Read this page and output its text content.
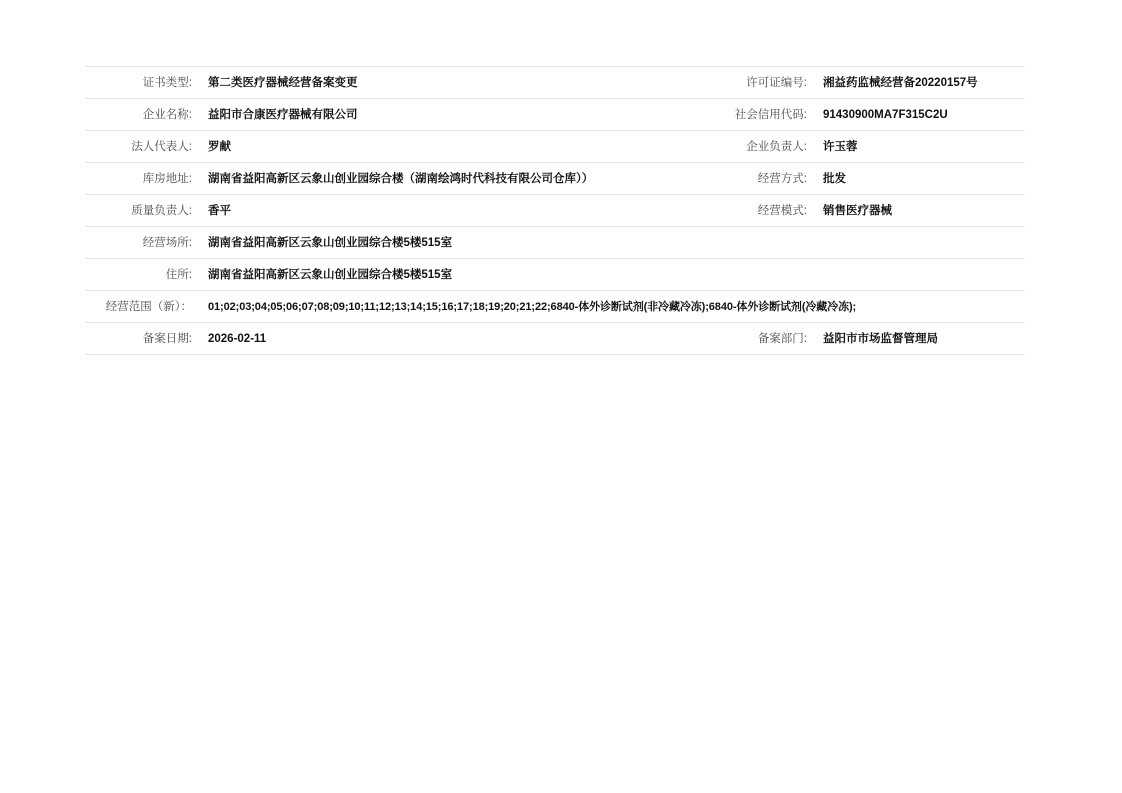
证书类型:	第二类医疗器械经营备案变更	许可证编号:	湘益药监械经营备20220157号
企业名称:	益阳市合康医疗器械有限公司	社会信用代码:	91430900MA7F315C2U
法人代表人:	罗献	企业负责人:	许玉蓉
库房地址:	湖南省益阳高新区云象山创业园综合楼（湖南绘鸿时代科技有限公司仓库））	经营方式:	批发
质量负责人:	香平	经营模式:	销售医疗器械
经营场所:	湖南省益阳高新区云象山创业园综合楼5楼515室		
住所:	湖南省益阳高新区云象山创业园综合楼5楼515室		
经营范围（新）：	01;02;03;04;05;06;07;08;09;10;11;12;13;14;15;16;17;18;19;20;21;22;6840-体外诊断试剂(非冷藏冷冻);6840-体外诊断试剂(冷藏冷冻);		
备案日期:	2026-02-11	备案部门:	益阳市市场监督管理局
